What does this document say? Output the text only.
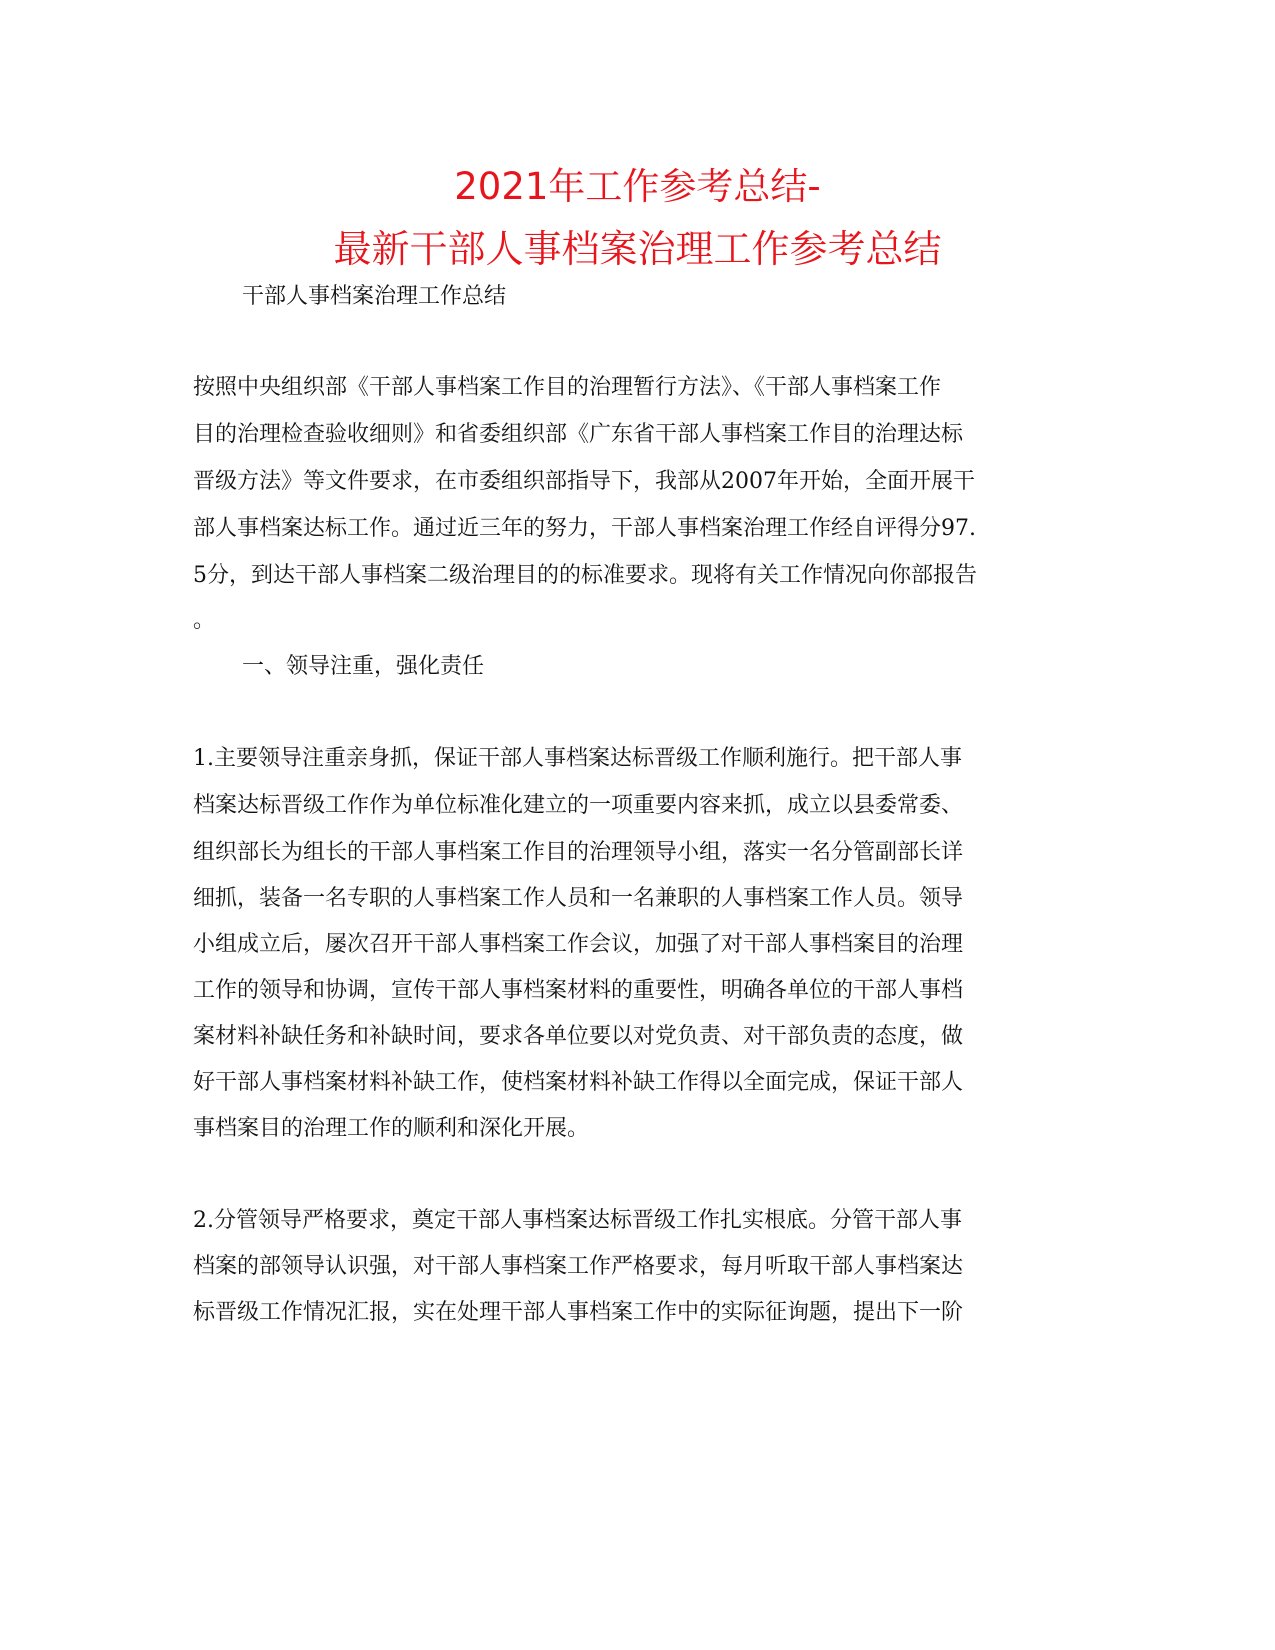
2021年工作参考总结-
最新干部人事档案治理工作参考总结
干部人事档案治理工作总结
按照中央组织部《干部人事档案工作目的治理暂行方法》、《干部人事档案工作
目的治理检查验收细则》和省委组织部《广东省干部人事档案工作目的治理达标
晋级方法》等文件要求，在市委组织部指导下，我部从2007年开始，全面开展干
部人事档案达标工作。通过近三年的努力，干部人事档案治理工作经自评得分97.
5分，到达干部人事档案二级治理目的的标准要求。现将有关工作情况向你部报告
。
一、领导注重，强化责任
1.主要领导注重亲身抓，保证干部人事档案达标晋级工作顺利施行。把干部人事
档案达标晋级工作作为单位标准化建立的一项重要内容来抓，成立以县委常委、
组织部长为组长的干部人事档案工作目的治理领导小组，落实一名分管副部长详
细抓，装备一名专职的人事档案工作人员和一名兼职的人事档案工作人员。领导
小组成立后，屡次召开干部人事档案工作会议，加强了对干部人事档案目的治理
工作的领导和协调，宣传干部人事档案材料的重要性，明确各单位的干部人事档
案材料补缺任务和补缺时间，要求各单位要以对党负责、对干部负责的态度，做
好干部人事档案材料补缺工作，使档案材料补缺工作得以全面完成，保证干部人
事档案目的治理工作的顺利和深化开展。
2.分管领导严格要求，奠定干部人事档案达标晋级工作扎实根底。分管干部人事
档案的部领导认识强，对干部人事档案工作严格要求，每月听取干部人事档案达
标晋级工作情况汇报，实在处理干部人事档案工作中的实际征询题，提出下一阶
